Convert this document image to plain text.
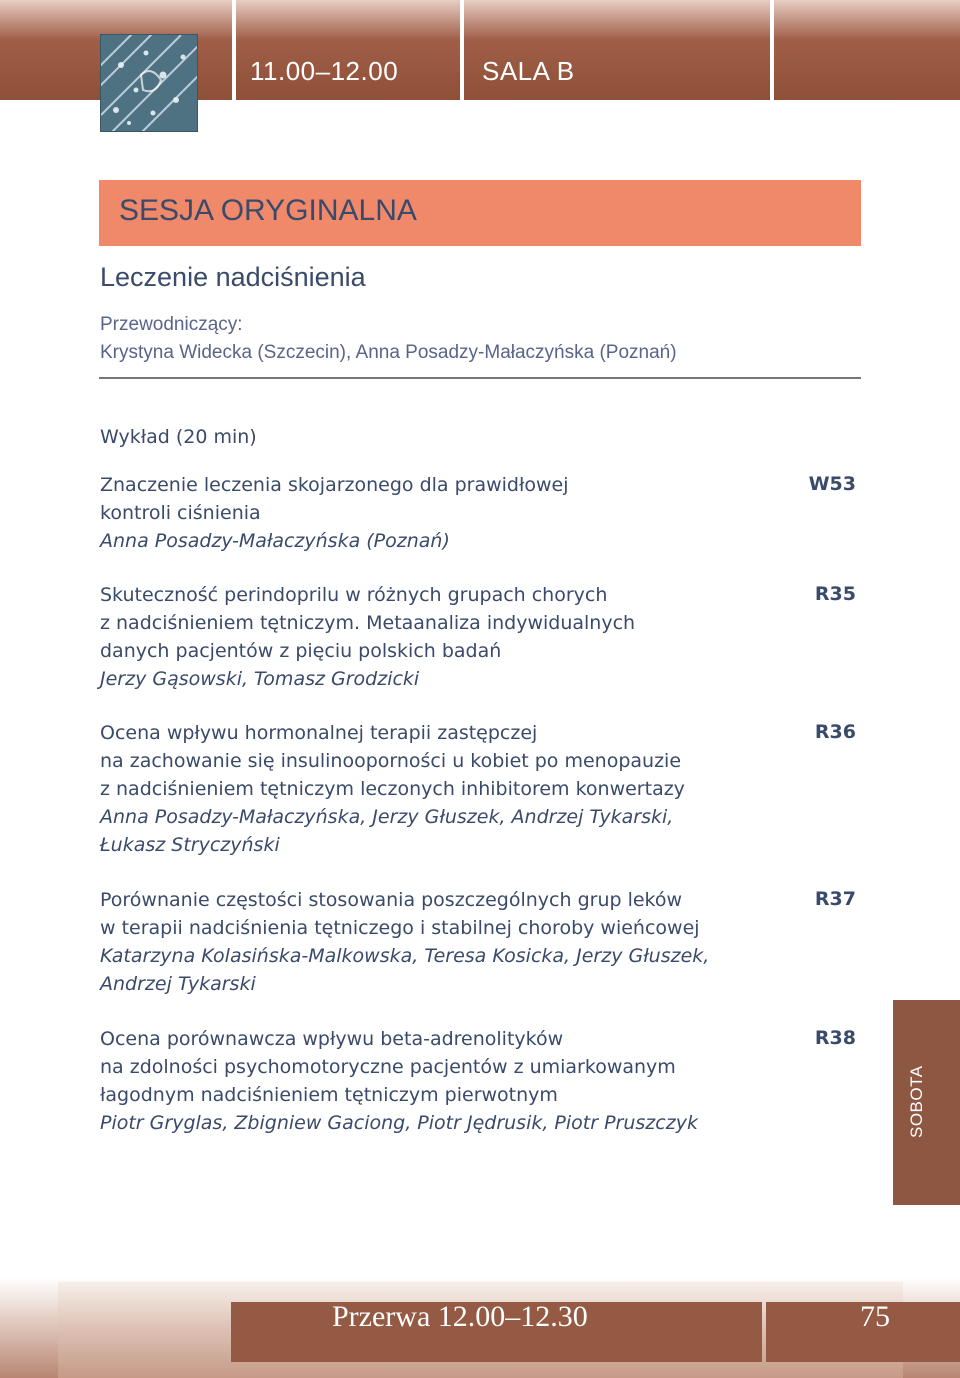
11.00–12.00	SALA B
SESJA ORYGINALNA
Leczenie nadciśnienia
Przewodniczący:
Krystyna Widecka (Szczecin), Anna Posadzy-Małaczyńska (Poznań)
Wykład (20 min)
Znaczenie leczenia skojarzonego dla prawidłowej
kontroli ciśnienia
Anna Posadzy-Małaczyńska (Poznań)
W53
Skuteczność perindoprilu w różnych grupach chorych
z nadciśnieniem tętniczym. Metaanaliza indywidualnych
danych pacjentów z pięciu polskich badań
Jerzy Gąsowski, Tomasz Grodzicki
R35
Ocena wpływu hormonalnej terapii zastępczej
na zachowanie się insulinooporności u kobiet po menopauzie
z nadciśnieniem tętniczym leczonych inhibitorem konwertazy
Anna Posadzy-Małaczyńska, Jerzy Głuszek, Andrzej Tykarski,
Łukasz Stryczyński
R36
Porównanie częstości stosowania poszczególnych grup leków
w terapii nadciśnienia tętniczego i stabilnej choroby wieńcowej
Katarzyna Kolasińska-Malkowska, Teresa Kosicka, Jerzy Głuszek,
Andrzej Tykarski
R37
Ocena porównawcza wpływu beta-adrenolityków
na zdolności psychomotoryczne pacjentów z umiarkowanym
łagodnym nadciśnieniem tętniczym pierwotnym
Piotr Gryglas, Zbigniew Gaciong, Piotr Jędrusik, Piotr Pruszczyk
R38
SOBOTA
Przerwa 12.00–12.30	75
